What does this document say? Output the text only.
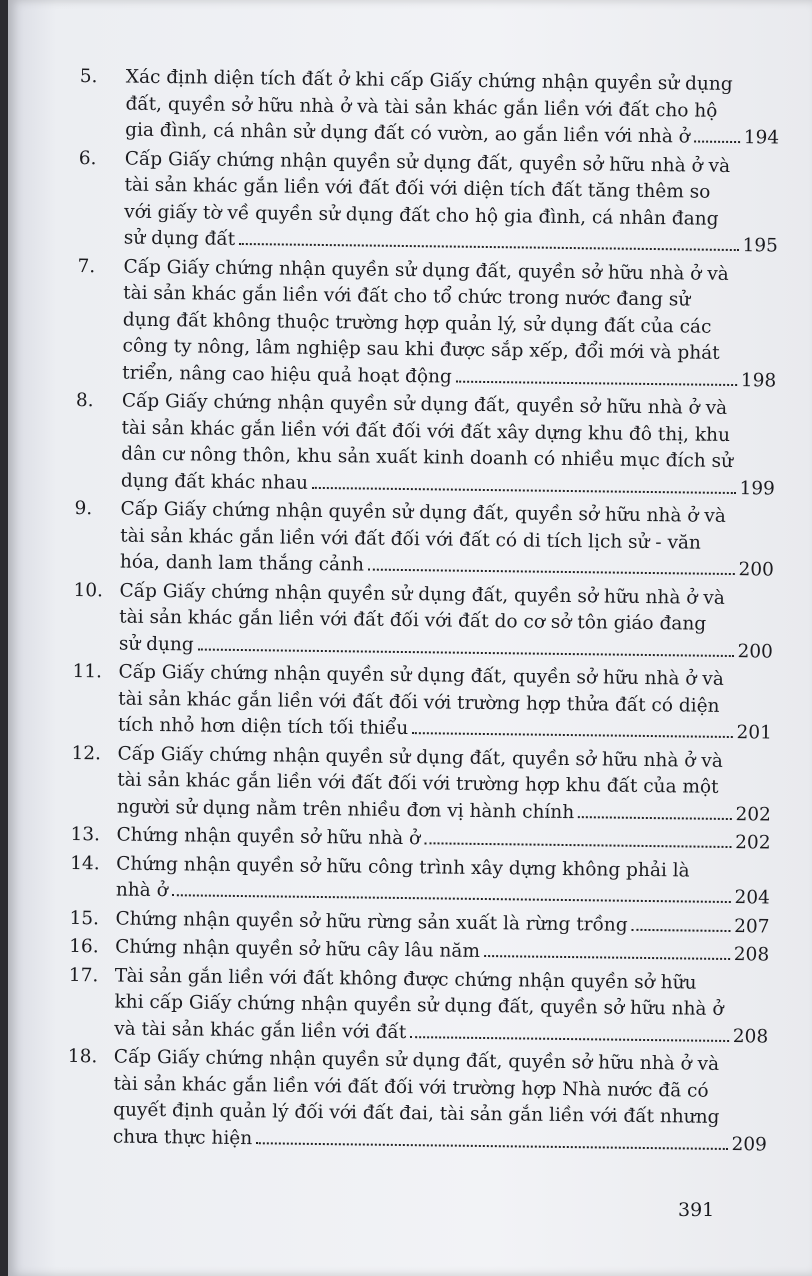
5.	Xác định diện tích đất ở khi cấp Giấy chứng nhận quyền sử dụng
đất, quyền sở hữu nhà ở và tài sản khác gắn liền với đất cho hộ
gia đình, cá nhân sử dụng đất có vườn, ao gắn liền với nhà ở	194
6.	Cấp Giấy chứng nhận quyền sử dụng đất, quyền sở hữu nhà ở và
tài sản khác gắn liền với đất đối với diện tích đất tăng thêm so
với giấy tờ về quyền sử dụng đất cho hộ gia đình, cá nhân đang
sử dụng đất	195
7.	Cấp Giấy chứng nhận quyền sử dụng đất, quyền sở hữu nhà ở và
tài sản khác gắn liền với đất cho tổ chức trong nước đang sử
dụng đất không thuộc trường hợp quản lý, sử dụng đất của các
công ty nông, lâm nghiệp sau khi được sắp xếp, đổi mới và phát
triển, nâng cao hiệu quả hoạt động	198
8.	Cấp Giấy chứng nhận quyền sử dụng đất, quyền sở hữu nhà ở và
tài sản khác gắn liền với đất đối với đất xây dựng khu đô thị, khu
dân cư nông thôn, khu sản xuất kinh doanh có nhiều mục đích sử
dụng đất khác nhau	199
9.	Cấp Giấy chứng nhận quyền sử dụng đất, quyền sở hữu nhà ở và
tài sản khác gắn liền với đất đối với đất có di tích lịch sử - văn
hóa, danh lam thắng cảnh	200
10. Cấp Giấy chứng nhận quyền sử dụng đất, quyền sở hữu nhà ở và
tài sản khác gắn liền với đất đối với đất do cơ sở tôn giáo đang
sử dụng	200
11. Cấp Giấy chứng nhận quyền sử dụng đất, quyền sở hữu nhà ở và
tài sản khác gắn liền với đất đối với trường hợp thửa đất có diện
tích nhỏ hơn diện tích tối thiểu	201
12. Cấp Giấy chứng nhận quyền sử dụng đất, quyền sở hữu nhà ở và
tài sản khác gắn liền với đất đối với trường hợp khu đất của một
người sử dụng nằm trên nhiều đơn vị hành chính	202
13. Chứng nhận quyền sở hữu nhà ở	202
14. Chứng nhận quyền sở hữu công trình xây dựng không phải là
nhà ở	204
15. Chứng nhận quyền sở hữu rừng sản xuất là rừng trồng	207
16. Chứng nhận quyền sở hữu cây lâu năm	208
17. Tài sản gắn liền với đất không được chứng nhận quyền sở hữu
khi cấp Giấy chứng nhận quyền sử dụng đất, quyền sở hữu nhà ở
và tài sản khác gắn liền với đất	208
18. Cấp Giấy chứng nhận quyền sử dụng đất, quyền sở hữu nhà ở và
tài sản khác gắn liền với đất đối với trường hợp Nhà nước đã có
quyết định quản lý đối với đất đai, tài sản gắn liền với đất nhưng
chưa thực hiện	209
391
